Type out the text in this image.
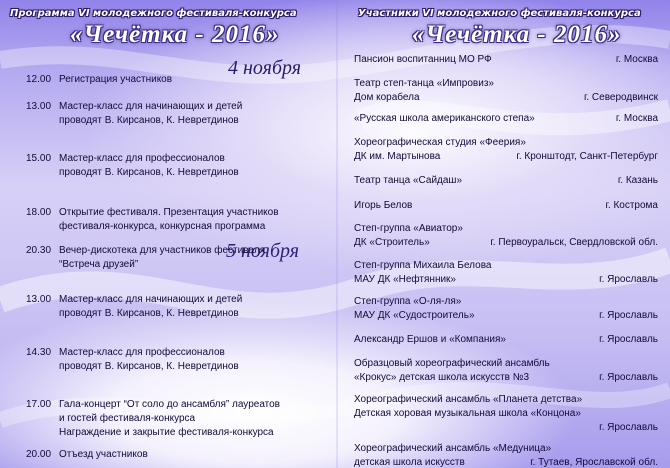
Программа VI молодежного фестиваля-конкурса
«Чечётка - 2016»
4 ноября
5 ноября
12.00 Регистрация участников
13.00 Мастер-класс для начинающих и детей
проводят В. Кирсанов, К. Невретдинов
15.00 Мастер-класс для профессионалов
проводят В. Кирсанов, К. Невретдинов
18.00 Открытие фестиваля. Презентация участников
фестиваля-конкурса, конкурсная программа
20.30 Вечер-дискотека для участников фестиваля
“Встреча друзей”
13.00 Мастер-класс для начинающих и детей
проводят В. Кирсанов, К. Невретдинов
14.30 Мастер-класс для профессионалов
проводят В. Кирсанов, К. Невретдинов
17.00 Гала-концерт “От соло до ансамбля” лауреатов
и гостей фестиваля-конкурса
Награждение и закрытие фестиваля-конкурса
20.00 Отъезд участников
Участники VI молодежного фестиваля-конкурса
«Чечётка - 2016»
Пансион воспитанниц МО РФ	г. Москва
Театр степ-танца «Импровиз»
Дом корабела	г. Северодвинск
«Русская школа американского степа»	г. Москва
Хореографическая студия «Феерия»
ДК им. Мартынова	г. Кронштодт, Санкт-Петербург
Театр танца «Сайдаш»	г. Казань
Игорь Белов	г. Кострома
Степ-группа «Авиатор»
ДК «Строитель»	г. Первоуральск, Свердловской обл.
Степ-группа Михаила Белова
МАУ ДК «Нефтянник»	г. Ярославль
Степ-группа «О-ля-ля»
МАУ ДК «Судостроитель»	г. Ярославль
Александр Ершов и «Компания»	г. Ярославль
Образцовый хореографический ансамбль
«Крокус» детская школа искусств №3	г. Ярославль
Хореографический ансамбль «Планета детства»
Детская хоровая музыкальная школа «Концона»
г. Ярославль
Хореографический ансамбль «Медуница»
детская школа искусств	г. Тутаев, Ярославской обл.
